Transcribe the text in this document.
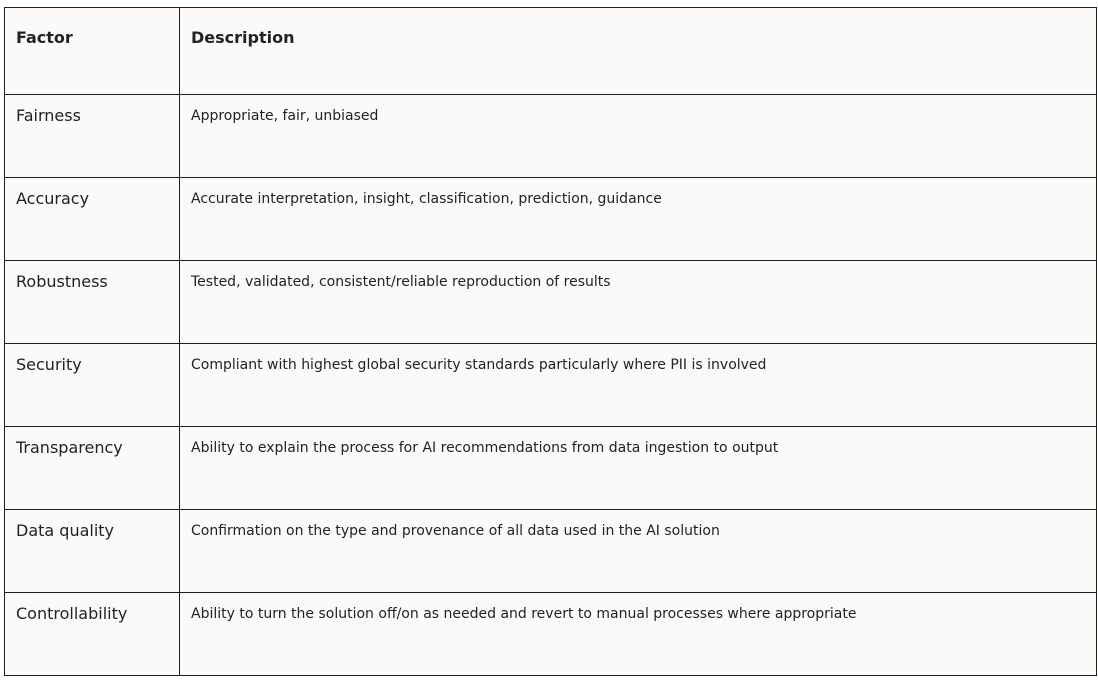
Factor	Description

Fairness	Appropriate, fair, unbiased

Accuracy	Accurate interpretation, insight, classification, prediction, guidance

Robustness	Tested, validated, consistent/reliable reproduction of results

Security	Compliant with highest global security standards particularly where PII is involved

Transparency	Ability to explain the process for AI recommendations from data ingestion to output

Data quality	Confirmation on the type and provenance of all data used in the AI solution

Controllability	Ability to turn the solution off/on as needed and revert to manual processes where appropriate
